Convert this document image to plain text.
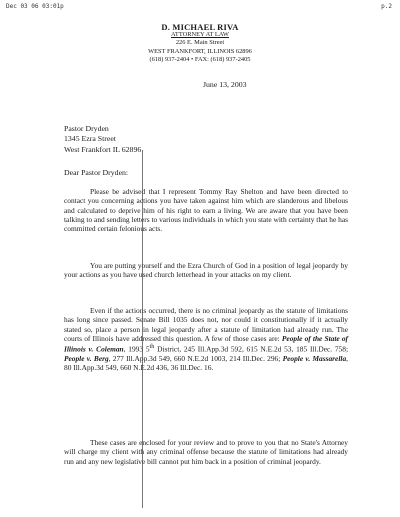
Dec 03 06 03:01p	p.2
D. MICHAEL RIVA
ATTORNEY AT LAW
226 E. Main Street
WEST FRANKFORT, ILLINOIS 62896
(618) 937-2404 • FAX: (618) 937-2405
June 13, 2003
Pastor Dryden
1345 Ezra Street
West Frankfort IL 62896
Dear Pastor Dryden:

Please be advised that I represent Tommy Ray Shelton and have been directed to contact you concerning actions you have taken against him which are slanderous and libelous and calculated to deprive him of his right to earn a living. We are aware that you have been talking to and sending letters to various individuals in which you state with certainty that he has committed certain felonious acts.

You are putting yourself and the Ezra Church of God in a position of legal jeopardy by your actions as you have used church letterhead in your attacks on my client.

Even if the actions occurred, there is no criminal jeopardy as the statute of limitations has long since passed. Senate Bill 1035 does not, nor could it constitutionally if it actually stated so, place a person in legal jeopardy after a statute of limitation had already run. The courts of Illinois have addressed this question. A few of those cases are: People of the State of Illinois v. Coleman, 1993 5th District, 245 Ill.App.3d 592, 615 N.E.2d 53, 185 Ill.Dec. 758; People v. Berg, 277 Ill.App.3d 549, 660 N.E.2d 1003, 214 Ill.Dec. 296; People v. Massarella, 80 Ill.App.3d 549, 660 N.E.2d 436, 36 Ill.Dec. 16.

These cases are enclosed for your review and to prove to you that no State's Attorney will charge my client with any criminal offense because the statute of limitations had already run and any new legislative bill cannot put him back in a position of criminal jeopardy.
